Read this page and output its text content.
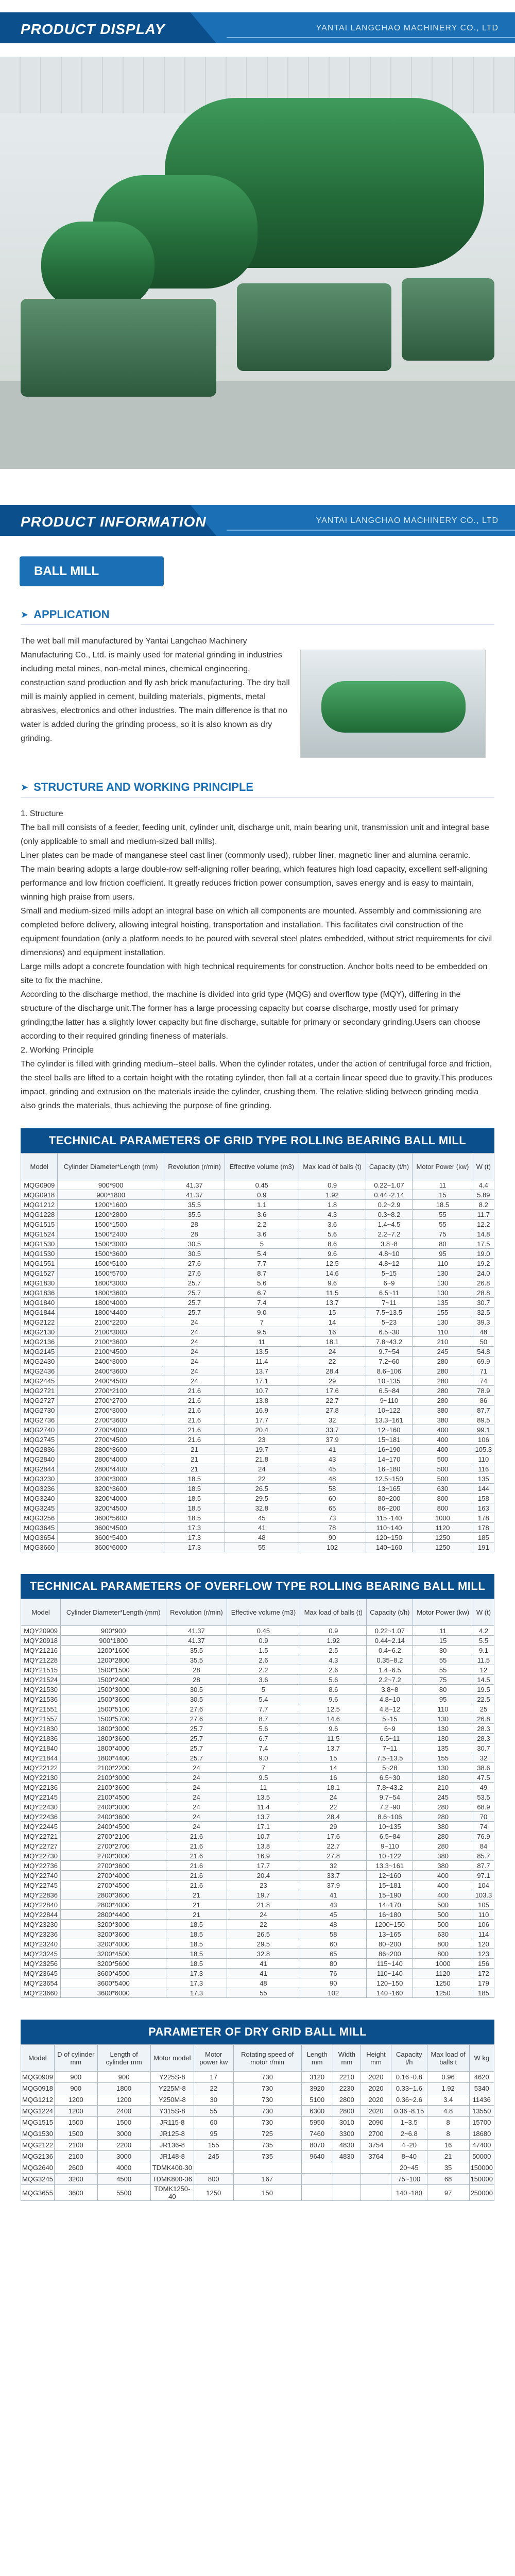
PRODUCT DISPLAY	YANTAI LANGCHAO MACHINERY CO., LTD
PRODUCT INFORMATION	YANTAI LANGCHAO MACHINERY CO., LTD
BALL MILL
➤ APPLICATION
The wet ball mill manufactured by Yantai Langchao Machinery Manufacturing Co., Ltd. is mainly used for material grinding in industries including metal mines, non-metal mines, chemical engineering, construction sand production and fly ash brick manufacturing. The dry ball mill is mainly applied in cement, building materials, pigments, metal abrasives, electronics and other industries. The main difference is that no water is added during the grinding process, so it is also known as dry grinding.
➤ STRUCTURE AND WORKING PRINCIPLE

1. Structure

The ball mill consists of a feeder, feeding unit, cylinder unit, discharge unit, main bearing unit, transmission unit and integral base (only applicable to small and medium-sized ball mills).

Liner plates can be made of manganese steel cast liner (commonly used), rubber liner, magnetic liner and alumina ceramic.

The main bearing adopts a large double-row self-aligning roller bearing, which features high load capacity, excellent self-aligning performance and low friction coefficient. It greatly reduces friction power consumption, saves energy and is easy to maintain, winning high praise from users.

Small and medium-sized mills adopt an integral base on which all components are mounted. Assembly and commissioning are completed before delivery, allowing integral hoisting, transportation and installation. This facilitates civil construction of the equipment foundation (only a platform needs to be poured with several steel plates embedded, without strict requirements for civil dimensions) and equipment installation.

Large mills adopt a concrete foundation with high technical requirements for construction. Anchor bolts need to be embedded on site to fix the machine.

According to the discharge method, the machine is divided into grid type (MQG) and overflow type (MQY), differing in the structure of the discharge unit.The former has a large processing capacity but coarse discharge, mostly used for primary grinding;the latter has a slightly lower capacity but fine discharge, suitable for primary or secondary grinding.Users can choose according to their required grinding fineness of materials.

2. Working Principle

The cylinder is filled with grinding medium--steel balls. When the cylinder rotates, under the action of centrifugal force and friction, the steel balls are lifted to a certain height with the rotating cylinder, then fall at a certain linear speed due to gravity.This produces impact, grinding and extrusion on the materials inside the cylinder, crushing them. The relative sliding between grinding media also grinds the materials, thus achieving the purpose of fine grinding.

TECHNICAL PARAMETERS OF GRID TYPE ROLLING BEARING BALL MILL
Model	Cylinder Diameter*Length (mm)	Revolution (r/min)	Effective volume (m3)	Max load of balls (t)	Capacity (t/h)	Motor Power (kw)	W (t)
MQG0909	900*900	41.37	0.45	0.9	0.22~1.07	11	4.4
MQG0918	900*1800	41.37	0.9	1.92	0.44~2.14	15	5.89
MQG1212	1200*1600	35.5	1.1	1.8	0.2~2.9	18.5	8.2
MQG1228	1200*2800	35.5	3.6	4.3	0.3~8.2	55	11.7
MQG1515	1500*1500	28	2.2	3.6	1.4~4.5	55	12.2
MQG1524	1500*2400	28	3.6	5.6	2.2~7.2	75	14.8
MQG1530	1500*3000	30.5	5	8.6	3.8~8	80	17.5
MQG1530	1500*3600	30.5	5.4	9.6	4.8~10	95	19.0
MQG1551	1500*5100	27.6	7.7	12.5	4.8~12	110	19.2
MQG1527	1500*5700	27.6	8.7	14.6	5~15	130	24.0
MQG1830	1800*3000	25.7	5.6	9.6	6~9	130	26.8
MQG1836	1800*3600	25.7	6.7	11.5	6.5~11	130	28.8
MQG1840	1800*4000	25.7	7.4	13.7	7~11	135	30.7
MQG1844	1800*4400	25.7	9.0	15	7.5~13.5	155	32.5
MQG2122	2100*2200	24	7	14	5~23	130	39.3
MQG2130	2100*3000	24	9.5	16	6.5~30	110	48
MQG2136	2100*3600	24	11	18.1	7.8~43.2	210	50
MQG2145	2100*4500	24	13.5	24	9.7~54	245	54.8
MQG2430	2400*3000	24	11.4	22	7.2~60	280	69.9
MQG2436	2400*3600	24	13.7	28.4	8.6~106	280	71
MQG2445	2400*4500	24	17.1	29	10~135	280	74
MQG2721	2700*2100	21.6	10.7	17.6	6.5~84	280	78.9
MQG2727	2700*2700	21.6	13.8	22.7	9~110	280	86
MQG2730	2700*3000	21.6	16.9	27.8	10~122	380	87.7
MQG2736	2700*3600	21.6	17.7	32	13.3~161	380	89.5
MQG2740	2700*4000	21.6	20.4	33.7	12~160	400	99.1
MQG2745	2700*4500	21.6	23	37.9	15~181	400	106
MQG2836	2800*3600	21	19.7	41	16~190	400	105.3
MQG2840	2800*4000	21	21.8	43	14~170	500	110
MQG2844	2800*4400	21	24	45	16~180	500	116
MQG3230	3200*3000	18.5	22	48	12.5~150	500	135
MQG3236	3200*3600	18.5	26.5	58	13~165	630	144
MQG3240	3200*4000	18.5	29.5	60	80~200	800	158
MQG3245	3200*4500	18.5	32.8	65	86~200	800	163
MQG3256	3600*5600	18.5	45	73	115~140	1000	178
MQG3645	3600*4500	17.3	41	78	110~140	1120	178
MQG3654	3600*5400	17.3	48	90	120~150	1250	185
MQG3660	3600*6000	17.3	55	102	140~160	1250	191
TECHNICAL PARAMETERS OF OVERFLOW TYPE ROLLING BEARING BALL MILL
Model	Cylinder Diameter*Length (mm)	Revolution (r/min)	Effective volume (m3)	Max load of balls (t)	Capacity (t/h)	Motor Power (kw)	W (t)
MQY20909	900*900	41.37	0.45	0.9	0.22~1.07	11	4.2
MQY20918	900*1800	41.37	0.9	1.92	0.44~2.14	15	5.5
MQY21216	1200*1600	35.5	1.5	2.5	0.4~6.2	30	9.1
MQY21228	1200*2800	35.5	2.6	4.3	0.35~8.2	55	11.5
MQY21515	1500*1500	28	2.2	2.6	1.4~6.5	55	12
MQY21524	1500*2400	28	3.6	5.6	2.2~7.2	75	14.5
MQY21530	1500*3000	30.5	5	8.6	3.8~8	80	19.5
MQY21536	1500*3600	30.5	5.4	9.6	4.8~10	95	22.5
MQY21551	1500*5100	27.6	7.7	12.5	4.8~12	110	25
MQY21557	1500*5700	27.6	8.7	14.6	5~15	130	26.8
MQY21830	1800*3000	25.7	5.6	9.6	6~9	130	28.3
MQY21836	1800*3600	25.7	6.7	11.5	6.5~11	130	28.3
MQY21840	1800*4000	25.7	7.4	13.7	7~11	135	30.7
MQY21844	1800*4400	25.7	9.0	15	7.5~13.5	155	32
MQY22122	2100*2200	24	7	14	5~28	130	38.6
MQY22130	2100*3000	24	9.5	16	6.5~30	180	47.5
MQY22136	2100*3600	24	11	18.1	7.8~43.2	210	49
MQY22145	2100*4500	24	13.5	24	9.7~54	245	53.5
MQY22430	2400*3000	24	11.4	22	7.2~90	280	68.9
MQY22436	2400*3600	24	13.7	28.4	8.6~106	280	70
MQY22445	2400*4500	24	17.1	29	10~135	380	74
MQY22721	2700*2100	21.6	10.7	17.6	6.5~84	280	76.9
MQY22727	2700*2700	21.6	13.8	22.7	9~110	280	84
MQY22730	2700*3000	21.6	16.9	27.8	10~122	380	85.7
MQY22736	2700*3600	21.6	17.7	32	13.3~161	380	87.7
MQY22740	2700*4000	21.6	20.4	33.7	12~160	400	97.1
MQY22745	2700*4500	21.6	23	37.9	15~181	400	104
MQY22836	2800*3600	21	19.7	41	15~190	400	103.3
MQY22840	2800*4000	21	21.8	43	14~170	500	105
MQY22844	2800*4400	21	24	45	16~180	500	110
MQY23230	3200*3000	18.5	22	48	1200~150	500	106
MQY23236	3200*3600	18.5	26.5	58	13~165	630	114
MQY23240	3200*4000	18.5	29.5	60	80~200	800	120
MQY23245	3200*4500	18.5	32.8	65	86~200	800	123
MQY23256	3200*5600	18.5	41	80	115~140	1000	156
MQY23645	3600*4500	17.3	41	76	110~140	1120	172
MQY23654	3600*5400	17.3	48	90	120~150	1250	179
MQY23660	3600*6000	17.3	55	102	140~160	1250	185
PARAMETER OF DRY GRID BALL MILL
Model	D of cylinder mm	Length of cylinder mm	Motor model	Motor power kw	Rotating speed of motor r/min	Length mm	Width mm	Height mm	Capacity t/h	Max load of balls t	W kg
MQG0909	900	900	Y225S-8	17	730	3120	2210	2020	0.16~0.8	0.96	4620
MQG0918	900	1800	Y225M-8	22	730	3920	2230	2020	0.33~1.6	1.92	5340
MQG1212	1200	1200	Y250M-8	30	730	5100	2800	2020	0.36~2.6	3.4	11436
MQG1224	1200	2400	Y315S-8	55	730	6300	2800	2020	0.36~8.15	4.8	13550
MQG1515	1500	1500	JR115-8	60	730	5950	3010	2090	1~3.5	8	15700
MQG1530	1500	3000	JR125-8	95	725	7460	3300	2700	2~6.8	8	18680
MQG2122	2100	2200	JR136-8	155	735	8070	4830	3754	4~20	16	47400
MQG2136	2100	3000	JR148-8	245	735	9640	4830	3764	8~40	21	50000
MQG2640	2600	4000	TDMK400-30						20~45	35	150000
MQG3245	3200	4500	TDMK800-36	800	167				75~100	68	150000
MQG3655	3600	5500	TDMK1250-40	1250	150				140~180	97	250000
